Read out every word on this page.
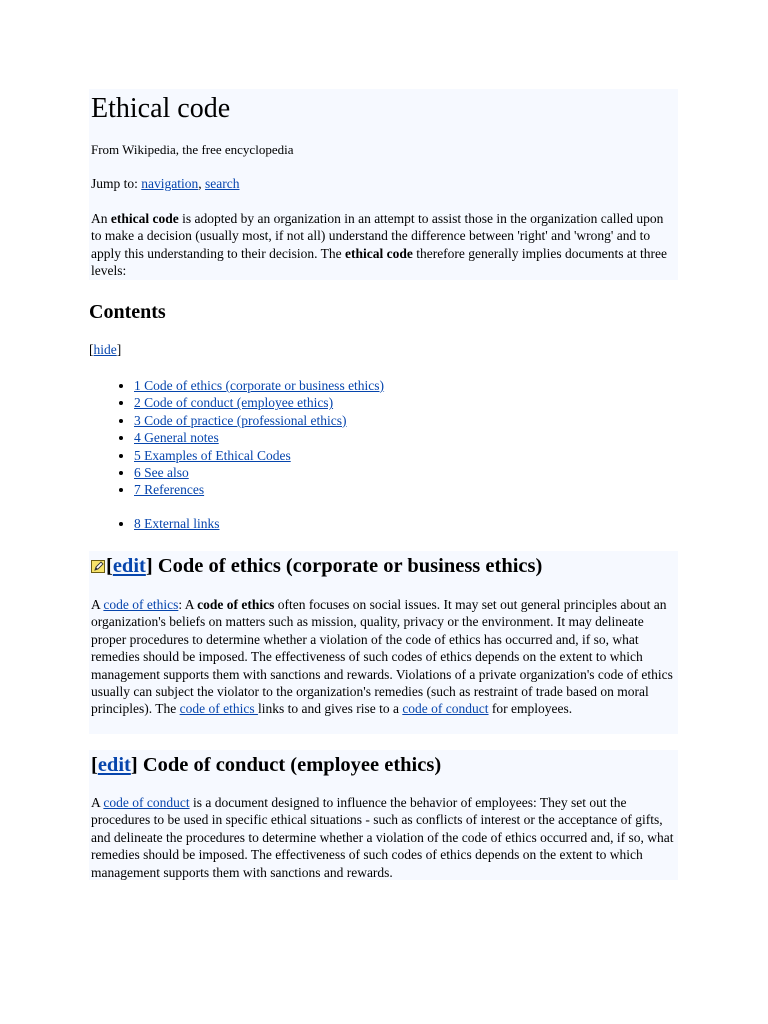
Ethical code

From Wikipedia, the free encyclopedia

Jump to: navigation, search

An ethical code is adopted by an organization in an attempt to assist those in the organization called upon to make a decision (usually most, if not all) understand the difference between 'right' and 'wrong' and to apply this understanding to their decision. The ethical code therefore generally implies documents at three levels:

Contents

[hide]

1 Code of ethics (corporate or business ethics)
2 Code of conduct (employee ethics)
3 Code of practice (professional ethics)
4 General notes
5 Examples of Ethical Codes
6 See also
7 References
8 External links
[edit] Code of ethics (corporate or business ethics)

A code of ethics: A code of ethics often focuses on social issues. It may set out general principles about an organization's beliefs on matters such as mission, quality, privacy or the environment. It may delineate proper procedures to determine whether a violation of the code of ethics has occurred and, if so, what remedies should be imposed. The effectiveness of such codes of ethics depends on the extent to which management supports them with sanctions and rewards. Violations of a private organization's code of ethics usually can subject the violator to the organization's remedies (such as restraint of trade based on moral principles). The code of ethics links to and gives rise to a code of conduct for employees.

[edit] Code of conduct (employee ethics)

A code of conduct is a document designed to influence the behavior of employees: They set out the procedures to be used in specific ethical situations - such as conflicts of interest or the acceptance of gifts, and delineate the procedures to determine whether a violation of the code of ethics occurred and, if so, what remedies should be imposed. The effectiveness of such codes of ethics depends on the extent to which management supports them with sanctions and rewards.
